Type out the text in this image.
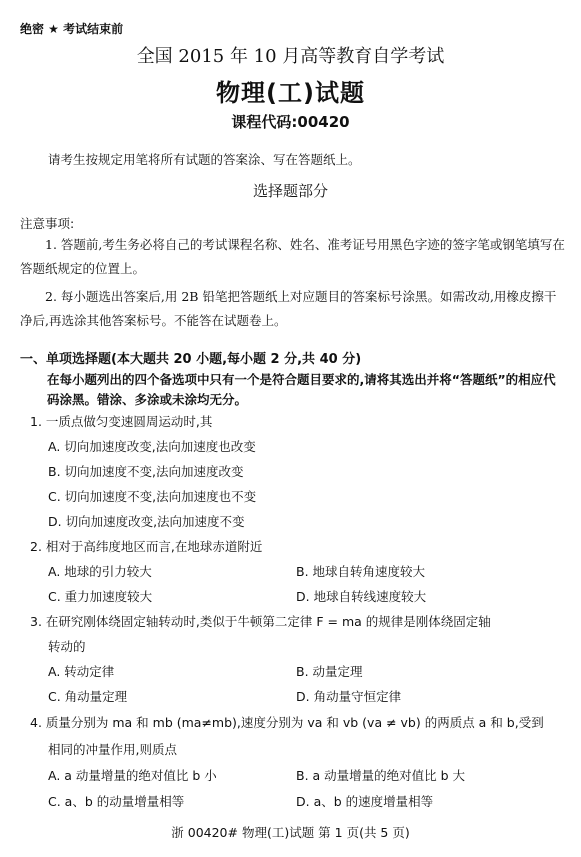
绝密 ★ 考试结束前
全国 2015 年 10 月高等教育自学考试
物理(工)试题
课程代码:00420
请考生按规定用笔将所有试题的答案涂、写在答题纸上。
选择题部分
注意事项:
1. 答题前,考生务必将自己的考试课程名称、姓名、准考证号用黑色字迹的签字笔或钢笔填写在答题纸规定的位置上。
2. 每小题选出答案后,用 2B 铅笔把答题纸上对应题目的答案标号涂黑。如需改动,用橡皮擦干净后,再选涂其他答案标号。不能答在试题卷上。
一、单项选择题(本大题共 20 小题,每小题 2 分,共 40 分)
在每小题列出的四个备选项中只有一个是符合题目要求的,请将其选出并将“答题纸”的相应代码涂黑。错涂、多涂或未涂均无分。
1. 一质点做匀变速圆周运动时,其
A. 切向加速度改变,法向加速度也改变
B. 切向加速度不变,法向加速度改变
C. 切向加速度不变,法向加速度也不变
D. 切向加速度改变,法向加速度不变
2. 相对于高纬度地区而言,在地球赤道附近
A. 地球的引力较大	B. 地球自转角速度较大
C. 重力加速度较大	D. 地球自转线速度较大
3. 在研究刚体绕固定轴转动时,类似于牛顿第二定律 F = ma 的规律是刚体绕固定轴
转动的
A. 转动定律	B. 动量定理
C. 角动量定理	D. 角动量守恒定律
4. 质量分别为 ma 和 mb (ma≠mb),速度分别为 va 和 vb (va ≠ vb) 的两质点 a 和 b,受到
相同的冲量作用,则质点
A. a 动量增量的绝对值比 b 小	B. a 动量增量的绝对值比 b 大
C. a、b 的动量增量相等	D. a、b 的速度增量相等
浙 00420# 物理(工)试题 第 1 页(共 5 页)
